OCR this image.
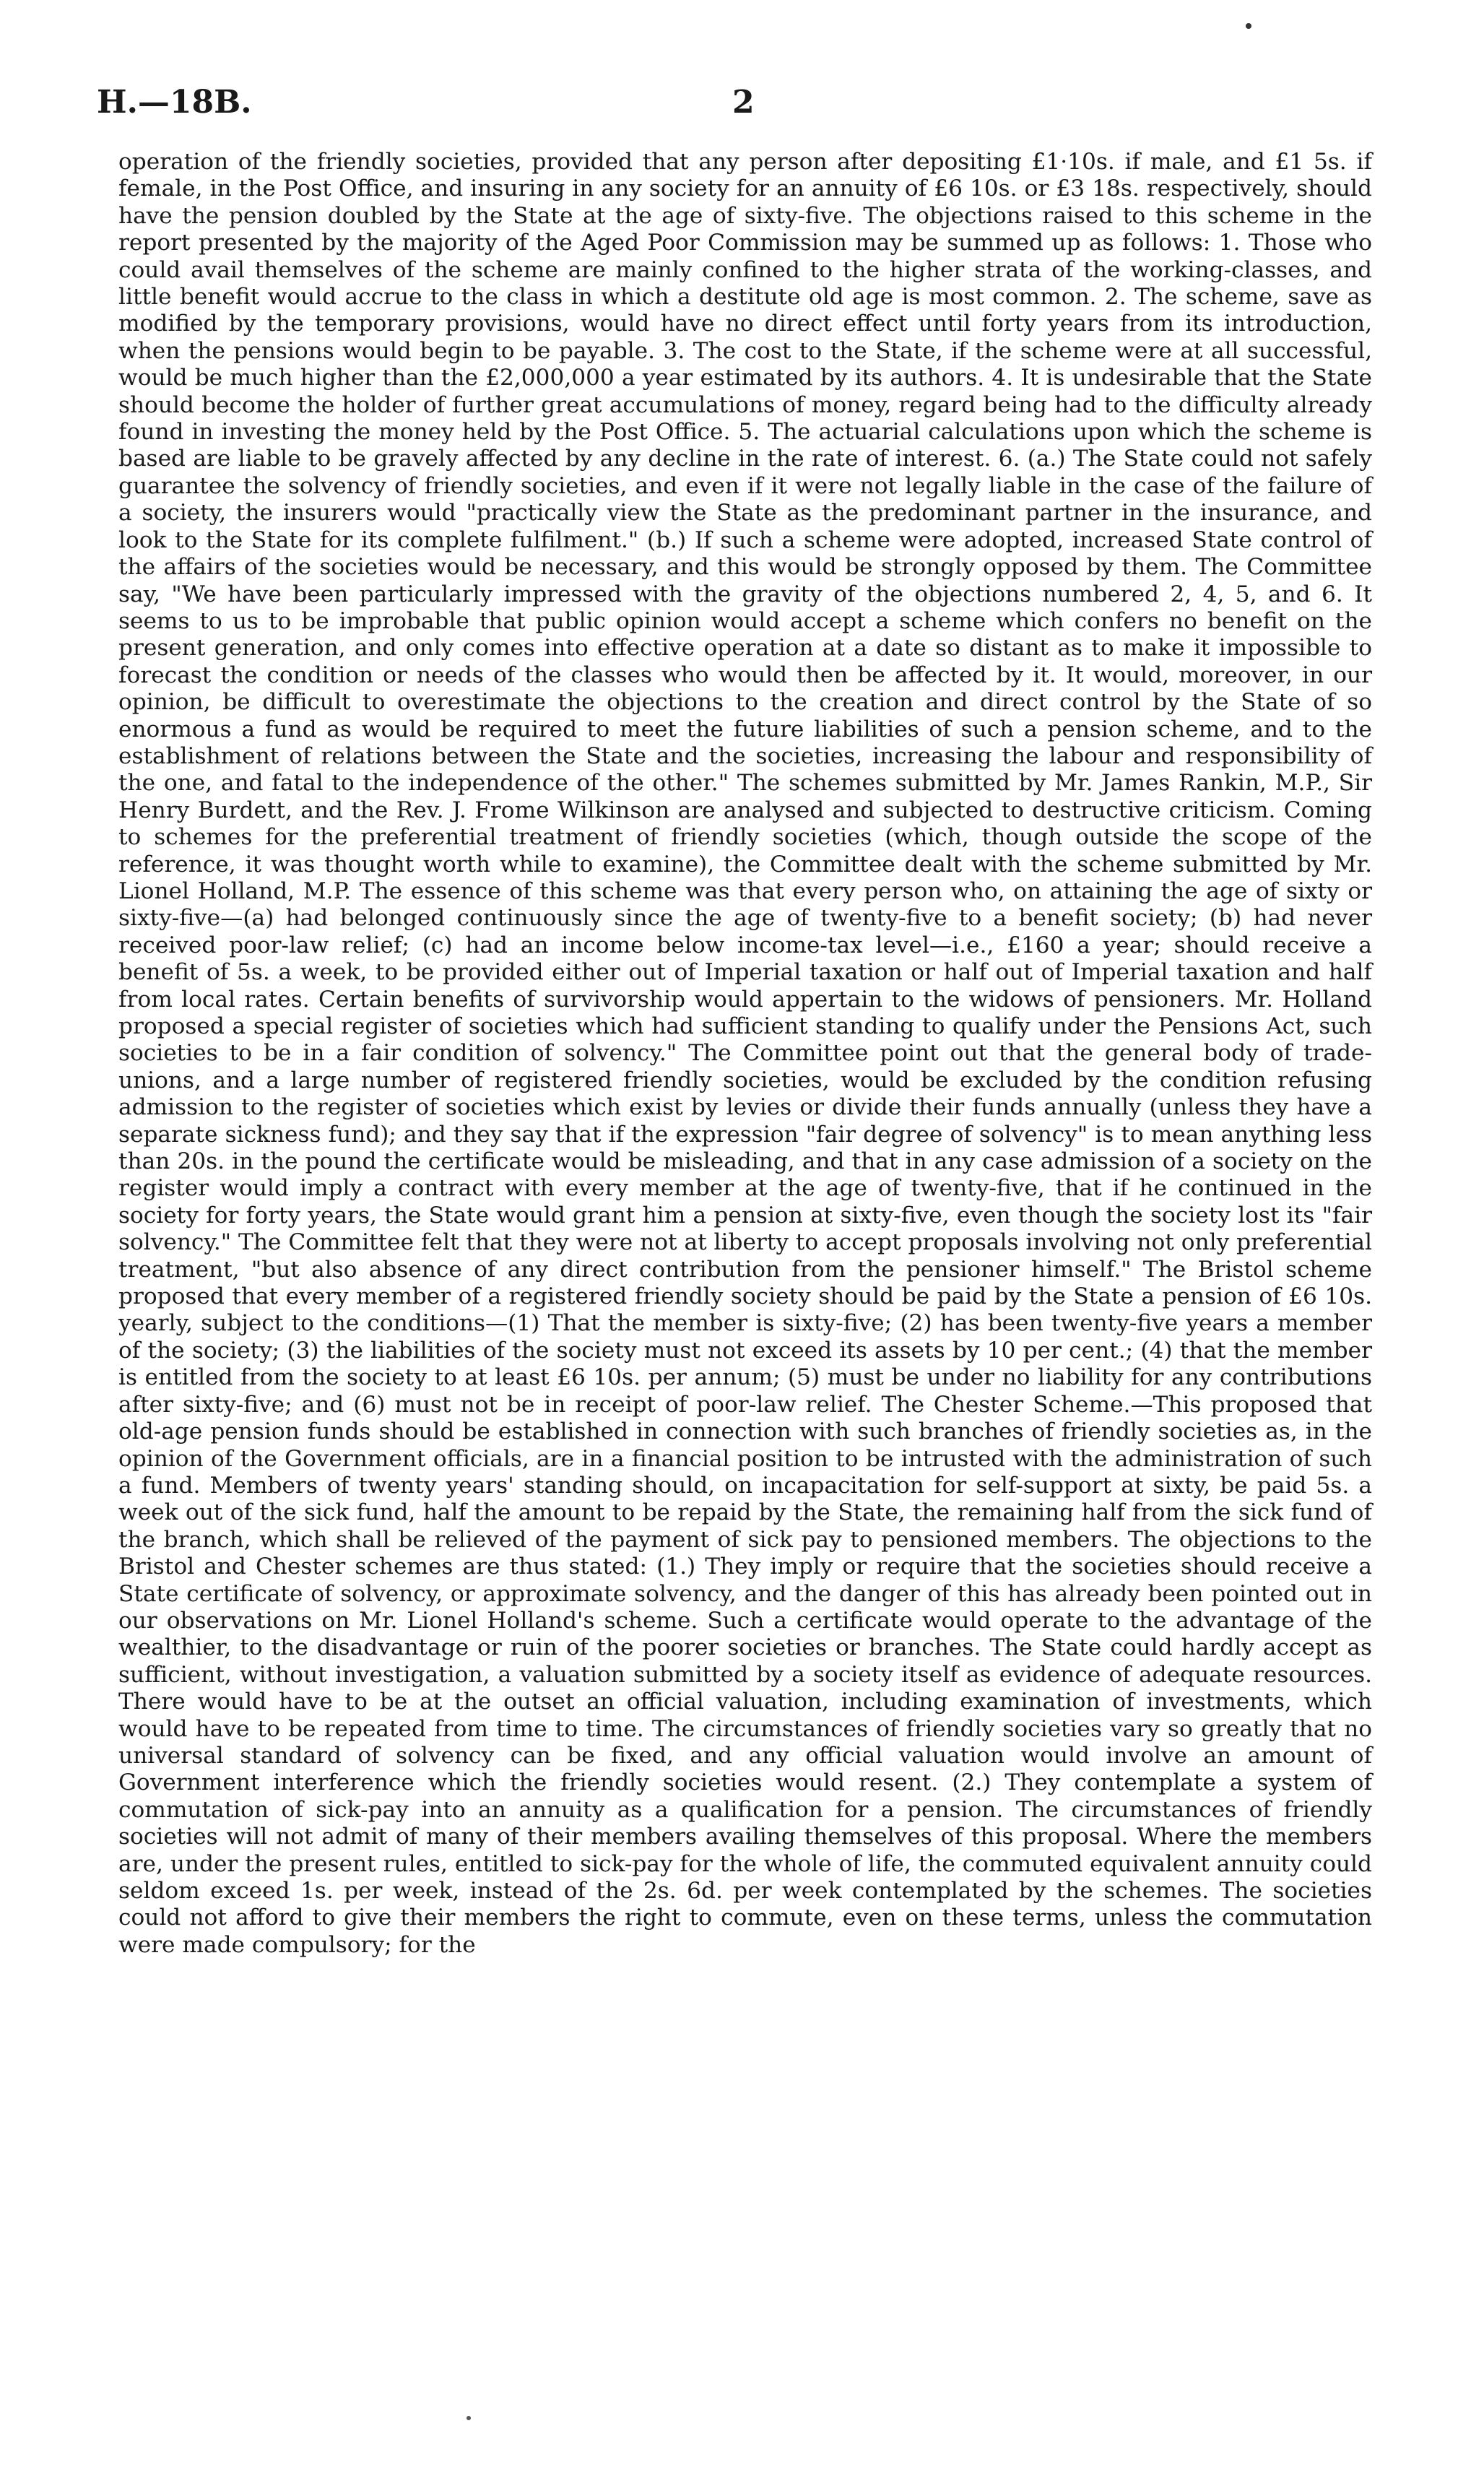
H.—18B.	2

operation of the friendly societies, provided that any person after depositing £1·10s. if male, and £1 5s. if female, in the Post Office, and insuring in any society for an annuity of £6 10s. or £3 18s. respectively, should have the pension doubled by the State at the age of sixty-five. The objections raised to this scheme in the report presented by the majority of the Aged Poor Commission may be summed up as follows: 1. Those who could avail themselves of the scheme are mainly confined to the higher strata of the working-classes, and little benefit would accrue to the class in which a destitute old age is most common. 2. The scheme, save as modified by the temporary provisions, would have no direct effect until forty years from its introduction, when the pensions would begin to be payable. 3. The cost to the State, if the scheme were at all successful, would be much higher than the £2,000,000 a year estimated by its authors. 4. It is undesirable that the State should become the holder of further great accumulations of money, regard being had to the difficulty already found in investing the money held by the Post Office. 5. The actuarial calculations upon which the scheme is based are liable to be gravely affected by any decline in the rate of interest. 6. (a.) The State could not safely guarantee the solvency of friendly societies, and even if it were not legally liable in the case of the failure of a society, the insurers would "practically view the State as the predominant partner in the insurance, and look to the State for its complete fulfilment." (b.) If such a scheme were adopted, increased State control of the affairs of the societies would be necessary, and this would be strongly opposed by them. The Committee say, "We have been particularly impressed with the gravity of the objections numbered 2, 4, 5, and 6. It seems to us to be improbable that public opinion would accept a scheme which confers no benefit on the present generation, and only comes into effective operation at a date so distant as to make it impossible to forecast the condition or needs of the classes who would then be affected by it. It would, moreover, in our opinion, be difficult to overestimate the objections to the creation and direct control by the State of so enormous a fund as would be required to meet the future liabilities of such a pension scheme, and to the establishment of relations between the State and the societies, increasing the labour and responsibility of the one, and fatal to the independence of the other." The schemes submitted by Mr. James Rankin, M.P., Sir Henry Burdett, and the Rev. J. Frome Wilkinson are analysed and subjected to destructive criticism. Coming to schemes for the preferential treatment of friendly societies (which, though outside the scope of the reference, it was thought worth while to examine), the Committee dealt with the scheme submitted by Mr. Lionel Holland, M.P. The essence of this scheme was that every person who, on attaining the age of sixty or sixty-five—(a) had belonged continuously since the age of twenty-five to a benefit society; (b) had never received poor-law relief; (c) had an income below income-tax level—i.e., £160 a year; should receive a benefit of 5s. a week, to be provided either out of Imperial taxation or half out of Imperial taxation and half from local rates. Certain benefits of survivorship would appertain to the widows of pensioners. Mr. Holland proposed a special register of societies which had sufficient standing to qualify under the Pensions Act, such societies to be in a fair condition of solvency." The Committee point out that the general body of trade-unions, and a large number of registered friendly societies, would be excluded by the condition refusing admission to the register of societies which exist by levies or divide their funds annually (unless they have a separate sickness fund); and they say that if the expression "fair degree of solvency" is to mean anything less than 20s. in the pound the certificate would be misleading, and that in any case admission of a society on the register would imply a contract with every member at the age of twenty-five, that if he continued in the society for forty years, the State would grant him a pension at sixty-five, even though the society lost its "fair solvency." The Committee felt that they were not at liberty to accept proposals involving not only preferential treatment, "but also absence of any direct contribution from the pensioner himself." The Bristol scheme proposed that every member of a registered friendly society should be paid by the State a pension of £6 10s. yearly, subject to the conditions—(1) That the member is sixty-five; (2) has been twenty-five years a member of the society; (3) the liabilities of the society must not exceed its assets by 10 per cent.; (4) that the member is entitled from the society to at least £6 10s. per annum; (5) must be under no liability for any contributions after sixty-five; and (6) must not be in receipt of poor-law relief. The Chester Scheme.—This proposed that old-age pension funds should be established in connection with such branches of friendly societies as, in the opinion of the Government officials, are in a financial position to be intrusted with the administration of such a fund. Members of twenty years' standing should, on incapacitation for self-support at sixty, be paid 5s. a week out of the sick fund, half the amount to be repaid by the State, the remaining half from the sick fund of the branch, which shall be relieved of the payment of sick pay to pensioned members. The objections to the Bristol and Chester schemes are thus stated: (1.) They imply or require that the societies should receive a State certificate of solvency, or approximate solvency, and the danger of this has already been pointed out in our observations on Mr. Lionel Holland's scheme. Such a certificate would operate to the advantage of the wealthier, to the disadvantage or ruin of the poorer societies or branches. The State could hardly accept as sufficient, without investigation, a valuation submitted by a society itself as evidence of adequate resources. There would have to be at the outset an official valuation, including examination of investments, which would have to be repeated from time to time. The circumstances of friendly societies vary so greatly that no universal standard of solvency can be fixed, and any official valuation would involve an amount of Government interference which the friendly societies would resent. (2.) They contemplate a system of commutation of sick-pay into an annuity as a qualification for a pension. The circumstances of friendly societies will not admit of many of their members availing themselves of this proposal. Where the members are, under the present rules, entitled to sick-pay for the whole of life, the commuted equivalent annuity could seldom exceed 1s. per week, instead of the 2s. 6d. per week contemplated by the schemes. The societies could not afford to give their members the right to commute, even on these terms, unless the commutation were made compulsory; for the
